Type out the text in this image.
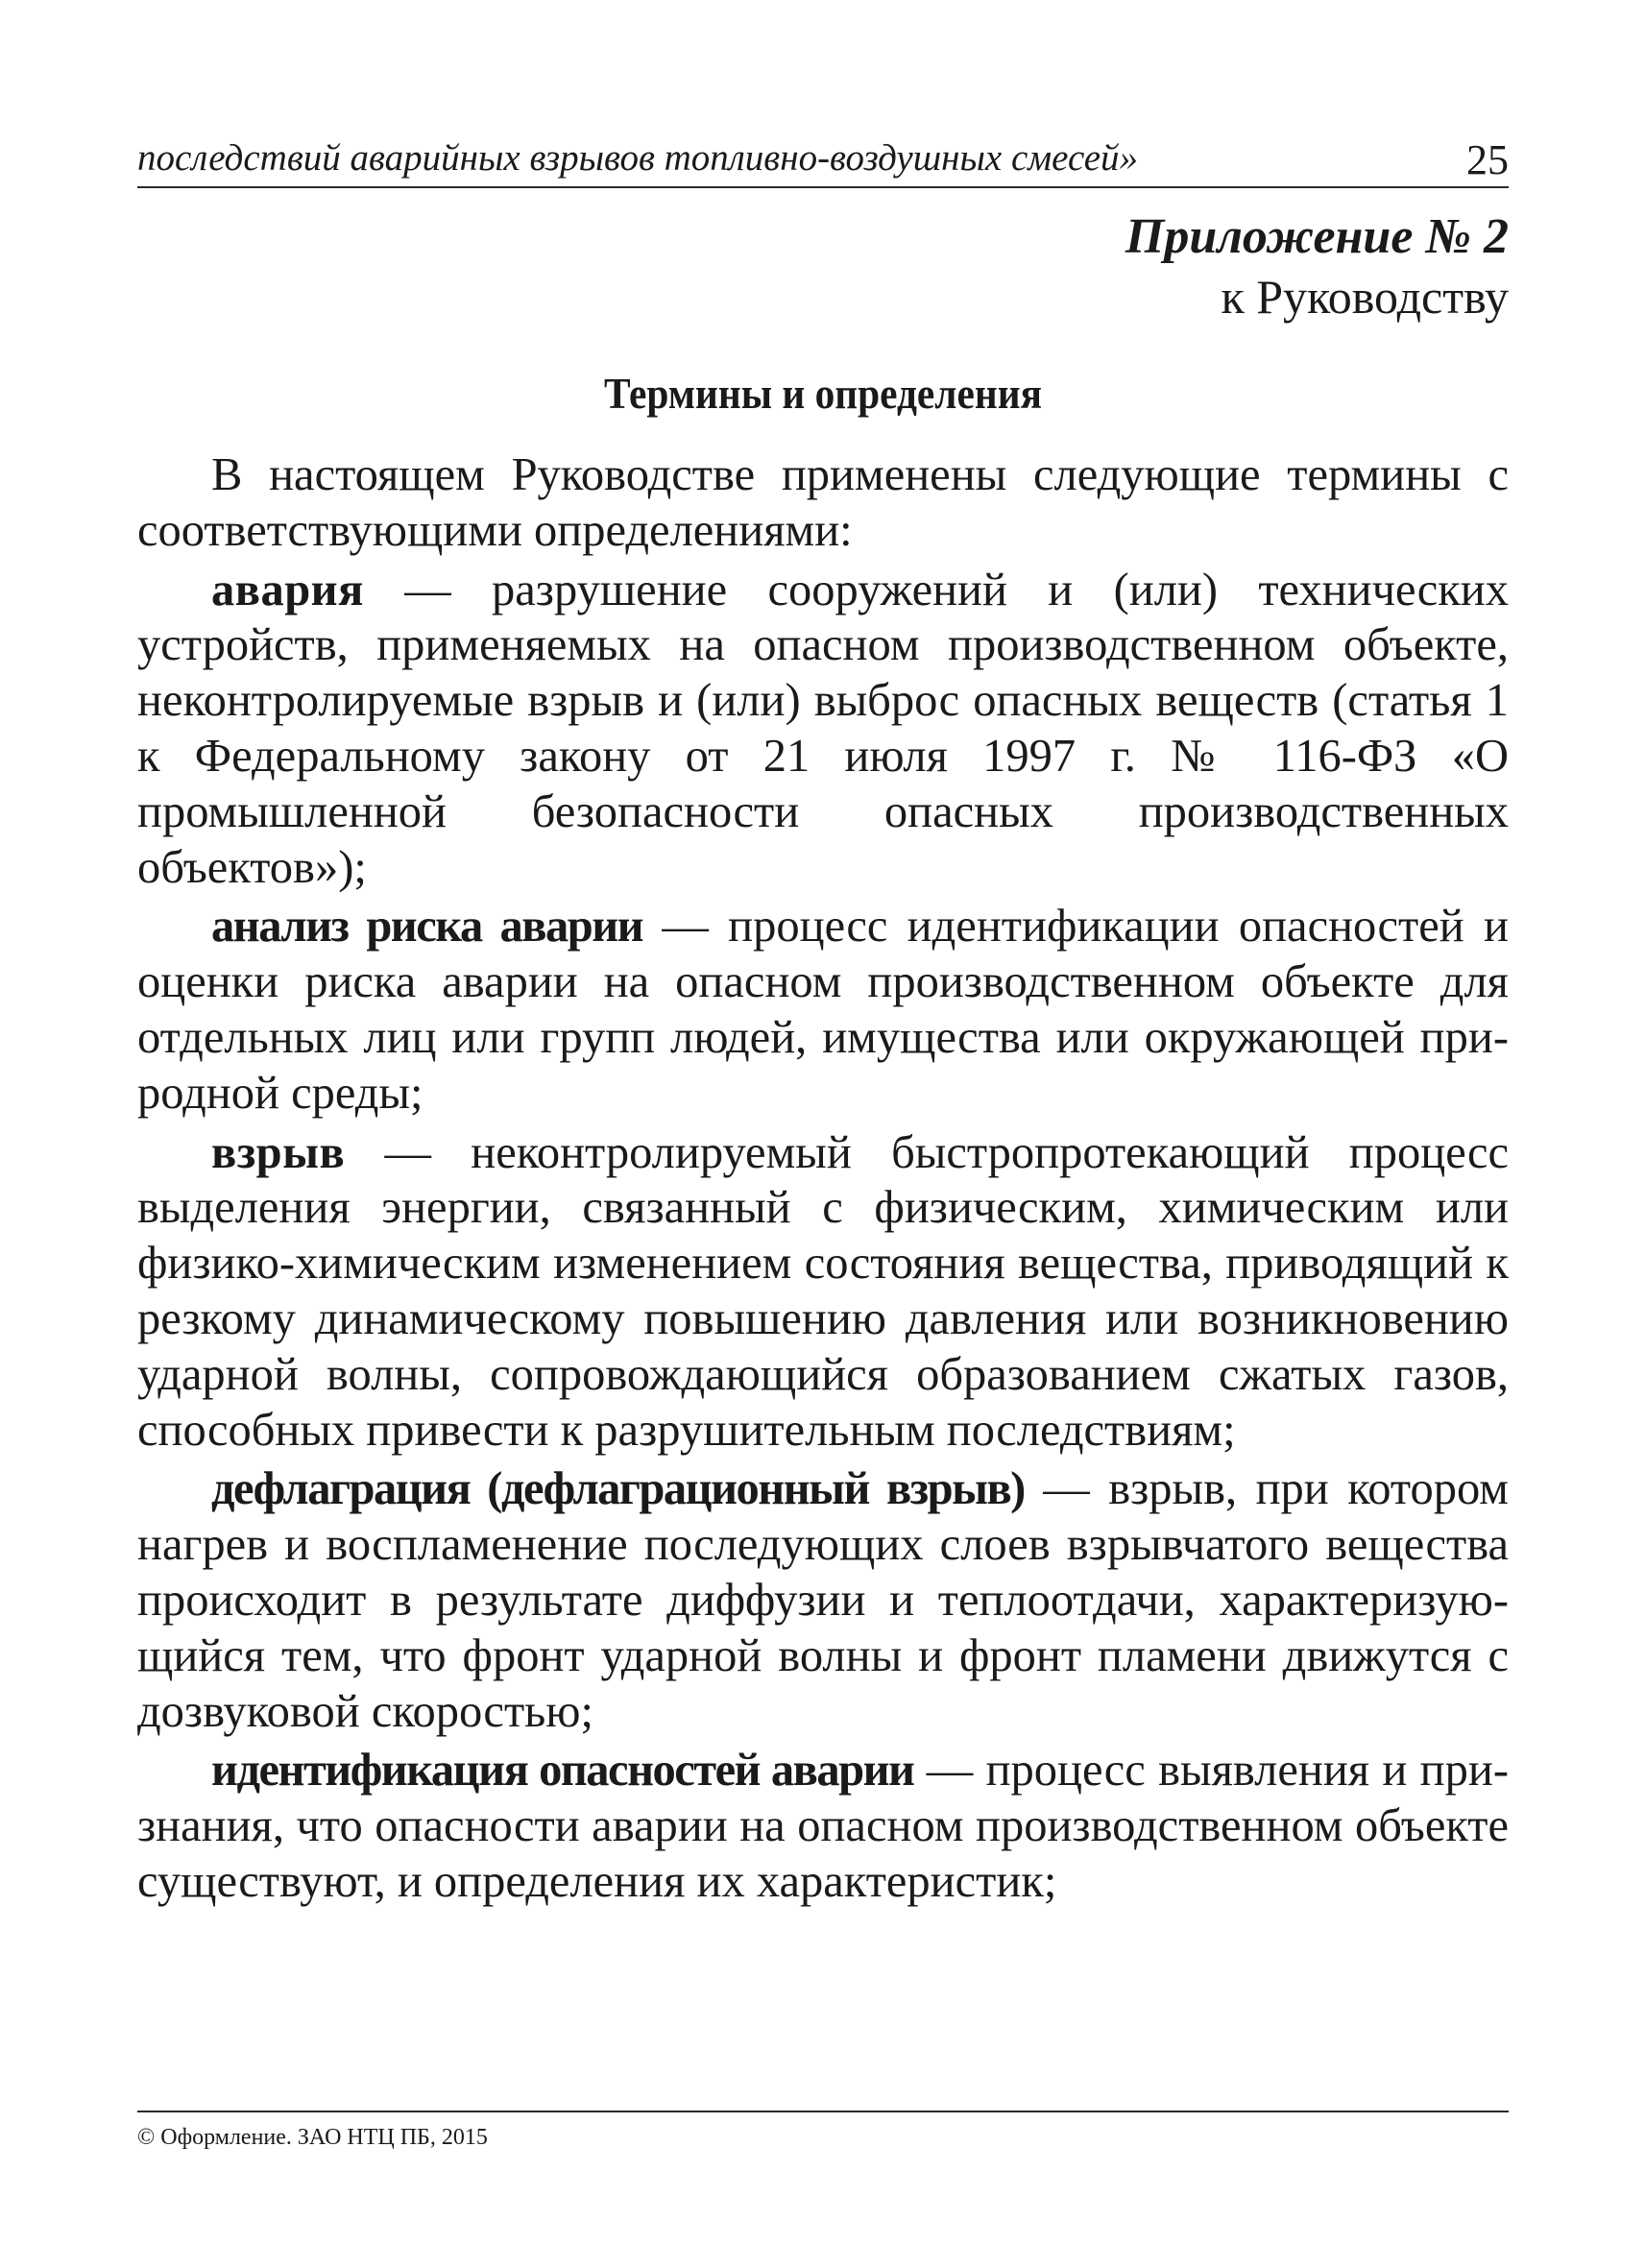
последствий аварийных взрывов топливно-воздушных смесей»	25
Приложение № 2
к Руководству
Термины и определения

В настоящем Руководстве применены следующие термины с соответствующими определениями:

авария — разрушение сооружений и (или) технических устройств, применяемых на опасном производственном объекте, неконтролируемые взрыв и (или) выброс опасных веществ (статья 1 к Федеральному закону от 21 июля 1997 г. № 116-ФЗ «О промышленной безопасности опасных производственных объектов»);

анализ риска аварии — процесс идентификации опасностей и оценки риска аварии на опасном производственном объекте для отдельных лиц или групп людей, имущества или окружающей природной среды;

взрыв — неконтролируемый быстропротекающий процесс выделения энергии, связанный с физическим, химическим или физико-химическим изменением состояния вещества, приводящий к резкому динамическому повышению давления или возникновению ударной волны, сопровождающийся образованием сжатых газов, способных привести к разрушительным последствиям;

дефлаграция (дефлаграционный взрыв) — взрыв, при котором нагрев и воспламенение последующих слоев взрывчатого вещества происходит в результате диффузии и теплоотдачи, характеризующийся тем, что фронт ударной волны и фронт пламени движутся с дозвуковой скоростью;

идентификация опасностей аварии — процесс выявления и признания, что опасности аварии на опасном производственном объекте существуют, и определения их характеристик;

© Оформление. ЗАО НТЦ ПБ, 2015
